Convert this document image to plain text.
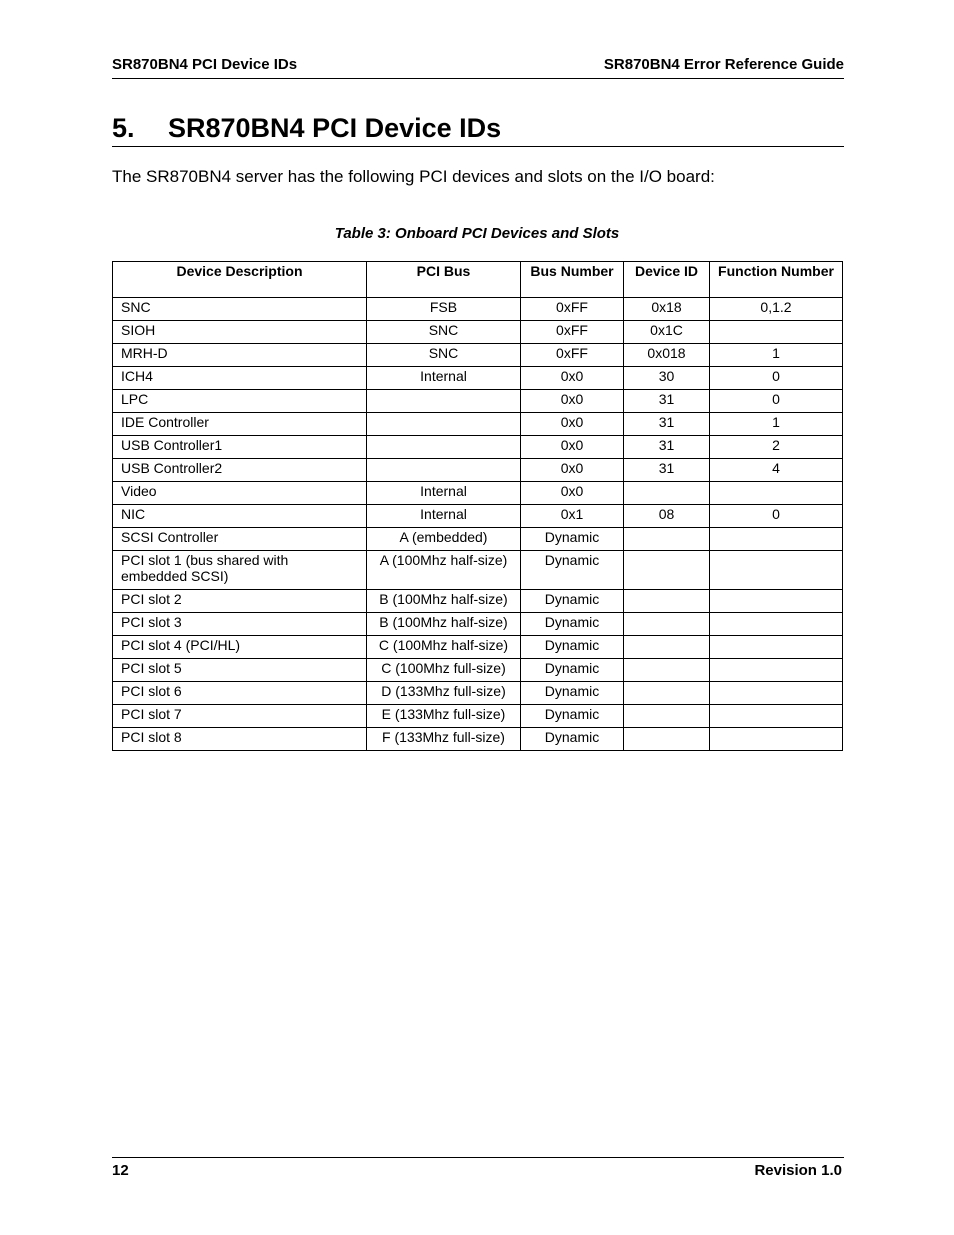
SR870BN4 PCI Device IDs	SR870BN4 Error Reference Guide
5. SR870BN4 PCI Device IDs
The SR870BN4 server has the following PCI devices and slots on the I/O board:
Table 3: Onboard PCI Devices and Slots
Device Description	PCI Bus	Bus Number	Device ID	Function Number
SNC	FSB	0xFF	0x18	0,1.2
SIOH	SNC	0xFF	0x1C	
MRH-D	SNC	0xFF	0x018	1
ICH4	Internal	0x0	30	0
LPC		0x0	31	0
IDE Controller		0x0	31	1
USB Controller1		0x0	31	2
USB Controller2		0x0	31	4
Video	Internal	0x0		
NIC	Internal	0x1	08	0
SCSI Controller	A (embedded)	Dynamic		
PCI slot 1 (bus shared with embedded SCSI)	A (100Mhz half-size)	Dynamic		
PCI slot 2	B (100Mhz half-size)	Dynamic		
PCI slot 3	B (100Mhz half-size)	Dynamic		
PCI slot 4 (PCI/HL)	C (100Mhz half-size)	Dynamic		
PCI slot 5	C (100Mhz full-size)	Dynamic		
PCI slot 6	D (133Mhz full-size)	Dynamic		
PCI slot 7	E (133Mhz full-size)	Dynamic		
PCI slot 8	F (133Mhz full-size)	Dynamic		
12	Revision 1.0
